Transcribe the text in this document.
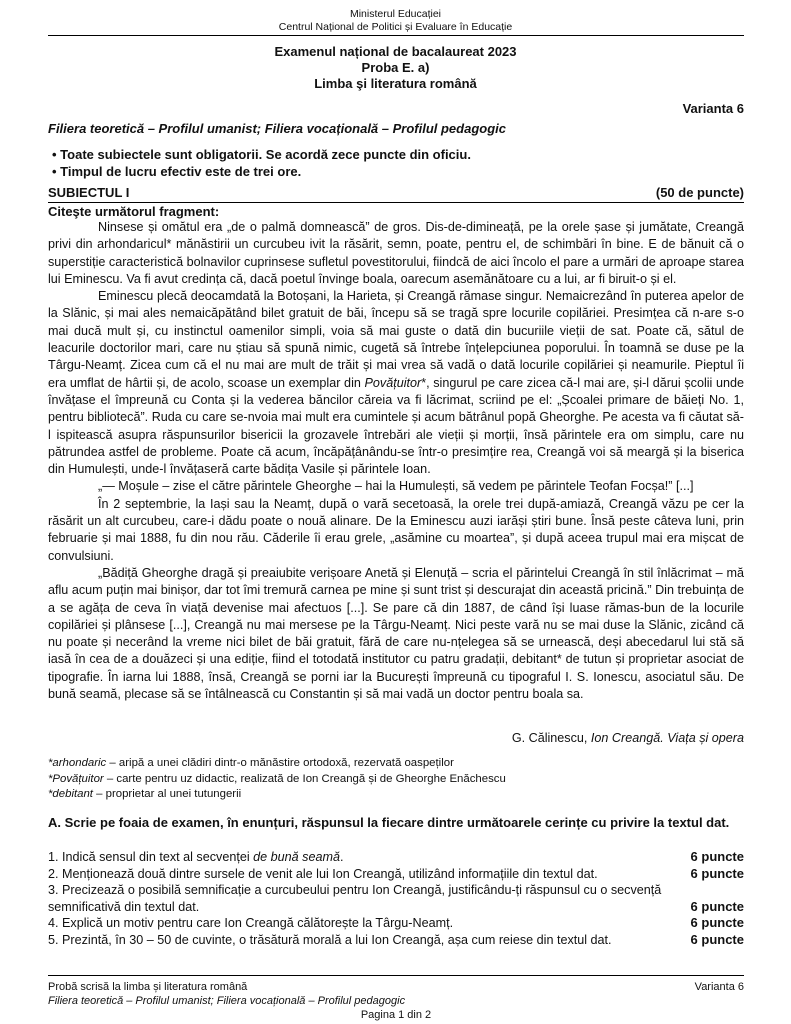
Ministerul Educației
Centrul Național de Politici și Evaluare în Educație
Examenul național de bacalaureat 2023
Proba E. a)
Limba şi literatura română
Varianta 6
Filiera teoretică – Profilul umanist; Filiera vocațională – Profilul pedagogic
• Toate subiectele sunt obligatorii. Se acordă zece puncte din oficiu.
• Timpul de lucru efectiv este de trei ore.
SUBIECTUL I	(50 de puncte)
Citeşte următorul fragment:

Ninsese și omătul era „de o palmă domnească” de gros. Dis-de-dimineață, pe la orele șase și jumătate, Creangă privi din arhondaricul* mănăstirii un curcubeu ivit la răsărit, semn, poate, pentru el, de schimbări în bine. E de bănuit că o superstiție caracteristică bolnavilor cuprinsese sufletul povestitorului, fiindcă de aici încolo el pare a urmări de aproape starea lui Eminescu. Va fi avut credința că, dacă poetul învinge boala, oarecum asemănătoare cu a lui, ar fi biruit-o și el.

Eminescu plecă deocamdată la Botoșani, la Harieta, și Creangă rămase singur. Nemaicrezând în puterea apelor de la Slănic, și mai ales nemaicăpătând bilet gratuit de băi, începu să se tragă spre locurile copilăriei. Presimțea că n-are s-o mai ducă mult și, cu instinctul oamenilor simpli, voia să mai guste o dată din bucuriile vieții de sat. Poate că, sătul de leacurile doctorilor mari, care nu știau să spună nimic, cugetă să întrebe înțelepciunea poporului. În toamnă se duse pe la Târgu-Neamț. Zicea cum că el nu mai are mult de trăit și mai vrea să vadă o dată locurile copilăriei și neamurile. Pieptul îi era umflat de hârtii și, de acolo, scoase un exemplar din Povățuitor*, singurul pe care zicea că-l mai are, și-l dărui școlii unde învățase el împreună cu Conta și la vederea băncilor căreia va fi lăcrimat, scriind pe el: „Școalei primare de băieți No. 1, pentru bibliotecă”. Ruda cu care se-nvoia mai mult era cumintele și acum bătrânul popă Gheorghe. Pe acesta va fi căutat să-l ispitească asupra răspunsurilor bisericii la grozavele întrebări ale vieții și morții, însă părintele era om simplu, care nu pătrundea astfel de probleme. Poate că acum, încăpățânându-se într-o presimțire rea, Creangă voi să meargă și la biserica din Humulești, unde-l învățaseră carte bădița Vasile și părintele Ioan.

„— Moșule – zise el către părintele Gheorghe – hai la Humulești, să vedem pe părintele Teofan Focșa!” [...]

În 2 septembrie, la Iași sau la Neamț, după o vară secetoasă, la orele trei după-amiază, Creangă văzu pe cer la răsărit un alt curcubeu, care-i dădu poate o nouă alinare. De la Eminescu auzi iarăși știri bune. Însă peste câteva luni, prin februarie și mai 1888, fu din nou rău. Căderile îi erau grele, „asămine cu moartea”, și după aceea trupul mai era mișcat de convulsiuni.

„Bădiță Gheorghe dragă și preaiubite verișoare Anetă și Elenuță – scria el părintelui Creangă în stil înlăcrimat – mă aflu acum puțin mai binișor, dar tot îmi tremură carnea pe mine și sunt trist și descurajat din această pricină.” Din trebuința de a se agăța de ceva în viață devenise mai afectuos [...]. Se pare că din 1887, de când își luase rămas-bun de la locurile copilăriei și plânsese [...], Creangă nu mai mersese pe la Târgu-Neamț. Nici peste vară nu se mai duse la Slănic, zicând că nu poate și necerând la vreme nici bilet de băi gratuit, fără de care nu-nțelegea să se urnească, deși abecedarul lui stă să iasă în cea de a douăzeci și una ediție, fiind el totodată institutor cu patru gradații, debitant* de tutun și proprietar asociat de tipografie. În iarna lui 1888, însă, Creangă se porni iar la București împreună cu tipograful I. S. Ionescu, asociatul său. De bună seamă, plecase să se întâlnească cu Constantin și să mai vadă un doctor pentru boala sa.

G. Călinescu, Ion Creangă. Viața și opera
*arhondaric – aripă a unei clădiri dintr-o mănăstire ortodoxă, rezervată oaspeților
*Povățuitor – carte pentru uz didactic, realizată de Ion Creangă și de Gheorghe Enăchescu
*debitant – proprietar al unei tutungerii
A. Scrie pe foaia de examen, în enunțuri, răspunsul la fiecare dintre următoarele cerințe cu privire la textul dat.
1. Indică sensul din text al secvenței de bună seamă.	6 puncte
2. Menționează două dintre sursele de venit ale lui Ion Creangă, utilizând informațiile din textul dat.	6 puncte
3. Precizează o posibilă semnificație a curcubeului pentru Ion Creangă, justificându-ți răspunsul cu o secvență semnificativă din textul dat.	6 puncte
4. Explică un motiv pentru care Ion Creangă călătorește la Târgu-Neamț.	6 puncte
5. Prezintă, în 30 – 50 de cuvinte, o trăsătură morală a lui Ion Creangă, așa cum reiese din textul dat.	6 puncte
Probă scrisă la limba și literatura română
Filiera teoretică – Profilul umanist; Filiera vocațională – Profilul pedagogic
Varianta 6
Pagina 1 din 2
